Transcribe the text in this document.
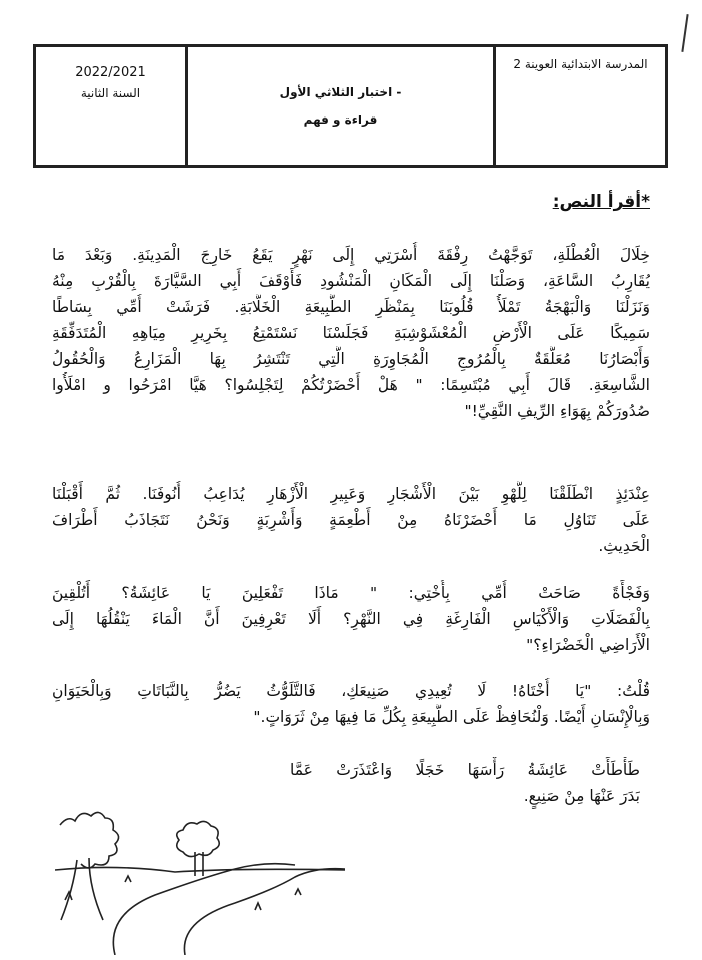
المدرسة الابتدائية العوينة 2
- اختبار الثلاثي الأول
قراءة و فهم
2022/2021
السنة الثانية
*أقرأ النص:
خِلَالَ الْعُطْلَةِ، تَوَجَّهْتُ رِفْقَةَ أُسْرَتِي إِلَى نَهْرٍ يَقَعُ خَارِجَ الْمَدِينَةِ. وَبَعْدَ مَا
يُقَارِبُ السَّاعَةِ، وَصَلْنَا إِلَى الْمَكَانِ الْمَنْشُودِ فَأَوْقَفَ أَبِي السَّيَّارَةَ بِالْقُرْبِ مِنْهُ
وَنَزَلْنَا وَالْبَهْجَةُ تَمْلَأُ قُلُوبَنَا بِمَنْظَرِ الطَّبِيعَةِ الْخَلَّابَةِ. فَرَشَتْ أُمِّي بِسَاطًا
سَمِيكًا عَلَى الْأَرْضِ الْمُعْشَوْشِبَةِ فَجَلَسْنَا نَسْتَمْتِعُ بِخَرِيرِ مِيَاهِهِ الْمُتَدَفِّقَةِ
وَأَبْصَارُنَا مُعَلَّقَةٌ بِالْمُرُوجِ الْمُجَاوِرَةِ الَّتِي تَنْتَشِرُ بِهَا الْمَزَارِعُ وَالْحُقُولُ
الشَّاسِعَةِ. قَالَ أَبِي مُبْتَسِمًا: " هَلْ أَحْضَرْتُكُمْ لِتَجْلِسُوا؟ هَيَّا امْرَحُوا و امْلَأُوا
صُدُورَكُمْ بِهَوَاءِ الرِّيفِ النَّقِيِّ!"
عِنْدَئِذٍ انْطَلَقْنَا لِلَّهْوِ بَيْنَ الْأَشْجَارِ وَعَبِيرِ الْأَزْهَارِ يُدَاعِبُ أُنُوفَنَا. ثُمَّ أَقْبَلْنَا
عَلَى تَنَاوُلِ مَا أَحْضَرْنَاهُ مِنْ أَطْعِمَةٍ وَأَشْرِبَةٍ وَنَحْنُ نَتَجَاذَبُ أَطْرَافَ
الْحَدِيثِ.
وَفَجْأَةً صَاحَتْ أُمِّي بِأُخْتِي: " مَاذَا تَفْعَلِينَ يَا عَائِشَةُ؟ أَتُلْقِينَ
بِالْفَضَلَاتِ وَالْأَكْيَاسِ الْفَارِغَةِ فِي النَّهْرِ؟ أَلَا تَعْرِفِينَ أَنَّ الْمَاءَ يَنْقُلُهَا إِلَى
الْأَرَاضِي الْخَضْرَاءِ؟"
قُلْتُ: "يَا أُخْتَاهُ! لَا تُعِيدِي صَنِيعَكِ، فَالتَّلَوُّثُ يَضُرُّ بِالنَّبَاتَاتِ وَبِالْحَيَوَانِ
وَبِالْإِنْسَانِ أَيْضًا. وَلْنُحَافِظْ عَلَى الطَّبِيعَةِ بِكُلِّ مَا فِيهَا مِنْ ثَرَوَاتٍ."
طَأْطَأَتْ عَائِشَةُ رَأْسَهَا خَجَلًا وَاعْتَذَرَتْ عَمَّا
بَدَرَ عَنْهَا مِنْ صَنِيعٍ.
